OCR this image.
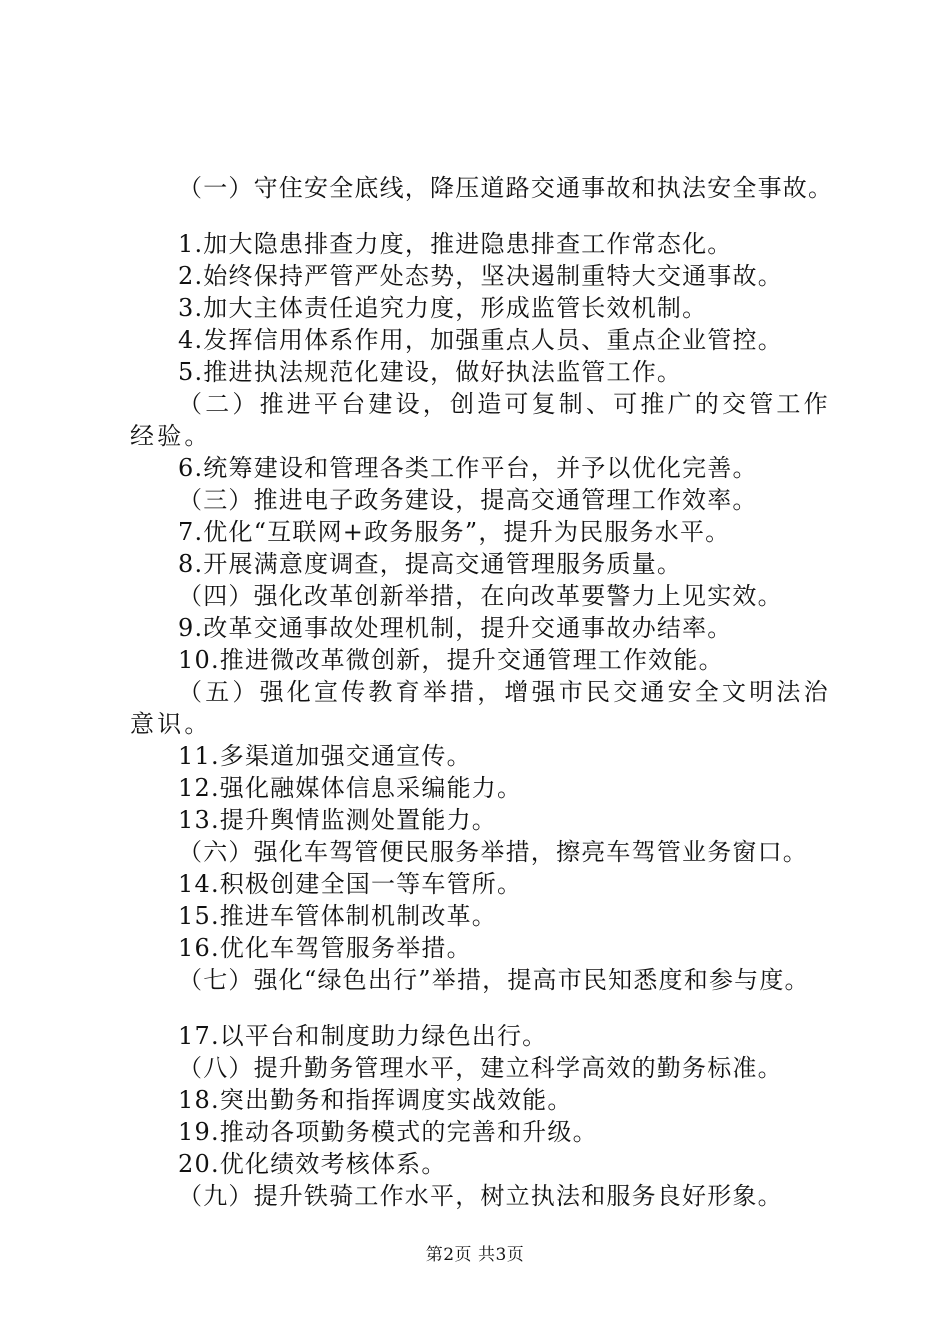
（一）守住安全底线，降压道路交通事故和执法安全事故。
1.加大隐患排查力度，推进隐患排查工作常态化。
2.始终保持严管严处态势，坚决遏制重特大交通事故。
3.加大主体责任追究力度，形成监管长效机制。
4.发挥信用体系作用，加强重点人员、重点企业管控。
5.推进执法规范化建设，做好执法监管工作。
（二）推进平台建设，创造可复制、可推广的交管工作经验。
6.统筹建设和管理各类工作平台，并予以优化完善。
（三）推进电子政务建设，提高交通管理工作效率。
7.优化“互联网+政务服务”，提升为民服务水平。
8.开展满意度调查，提高交通管理服务质量。
（四）强化改革创新举措，在向改革要警力上见实效。
9.改革交通事故处理机制，提升交通事故办结率。
10.推进微改革微创新，提升交通管理工作效能。
（五）强化宣传教育举措，增强市民交通安全文明法治意识。
11.多渠道加强交通宣传。
12.强化融媒体信息采编能力。
13.提升舆情监测处置能力。
（六）强化车驾管便民服务举措，擦亮车驾管业务窗口。
14.积极创建全国一等车管所。
15.推进车管体制机制改革。
16.优化车驾管服务举措。
（七）强化“绿色出行”举措，提高市民知悉度和参与度。
17.以平台和制度助力绿色出行。
（八）提升勤务管理水平，建立科学高效的勤务标准。
18.突出勤务和指挥调度实战效能。
19.推动各项勤务模式的完善和升级。
20.优化绩效考核体系。
（九）提升铁骑工作水平，树立执法和服务良好形象。
第2页 共3页
